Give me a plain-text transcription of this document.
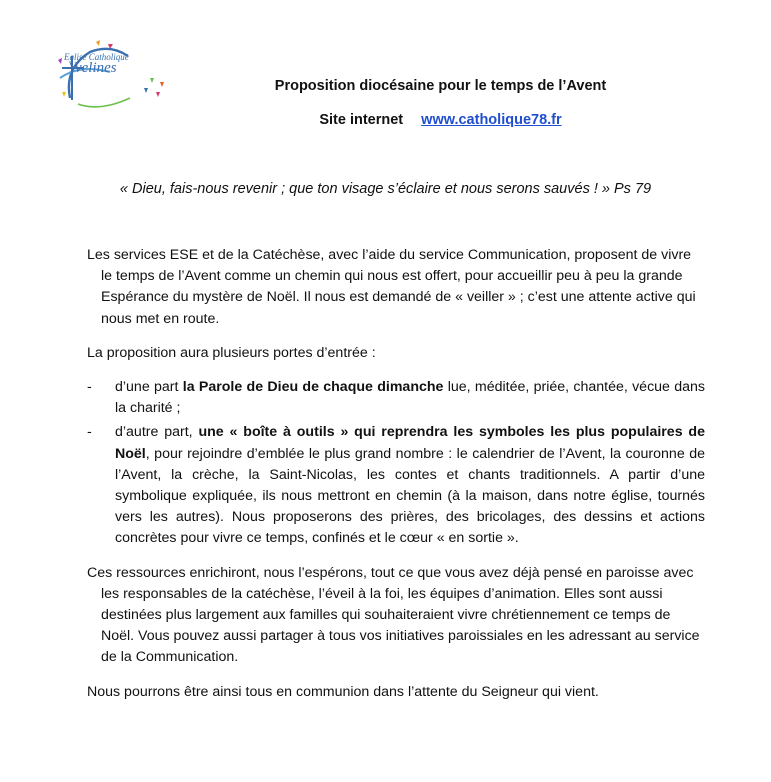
Eglise Catholique
Yvelines
Proposition diocésaine pour le temps de l’Avent
Site internet www.catholique78.fr
« Dieu, fais-nous revenir ; que ton visage s’éclaire et nous serons sauvés ! » Ps 79

Les services ESE et de la Catéchèse, avec l’aide du service Communication, proposent de vivre le temps de l’Avent comme un chemin qui nous est offert, pour accueillir peu à peu la grande Espérance du mystère de Noël. Il nous est demandé de « veiller » ; c’est une attente active qui nous met en route.

La proposition aura plusieurs portes d’entrée :

- d’une part la Parole de Dieu de chaque dimanche lue, méditée, priée, chantée, vécue dans la charité ;

- d’autre part, une « boîte à outils » qui reprendra les symboles les plus populaires de Noël, pour rejoindre d’emblée le plus grand nombre : le calendrier de l’Avent, la couronne de l’Avent, la crèche, la Saint-Nicolas, les contes et chants traditionnels. A partir d’une symbolique expliquée, ils nous mettront en chemin (à la maison, dans notre église, tournés vers les autres). Nous proposerons des prières, des bricolages, des dessins et actions concrètes pour vivre ce temps, confinés et le cœur « en sortie ».

Ces ressources enrichiront, nous l’espérons, tout ce que vous avez déjà pensé en paroisse avec les responsables de la catéchèse, l’éveil à la foi, les équipes d’animation. Elles sont aussi destinées plus largement aux familles qui souhaiteraient vivre chrétiennement ce temps de Noël. Vous pouvez aussi partager à tous vos initiatives paroissiales en les adressant au service de la Communication.

Nous pourrons être ainsi tous en communion dans l’attente du Seigneur qui vient.
